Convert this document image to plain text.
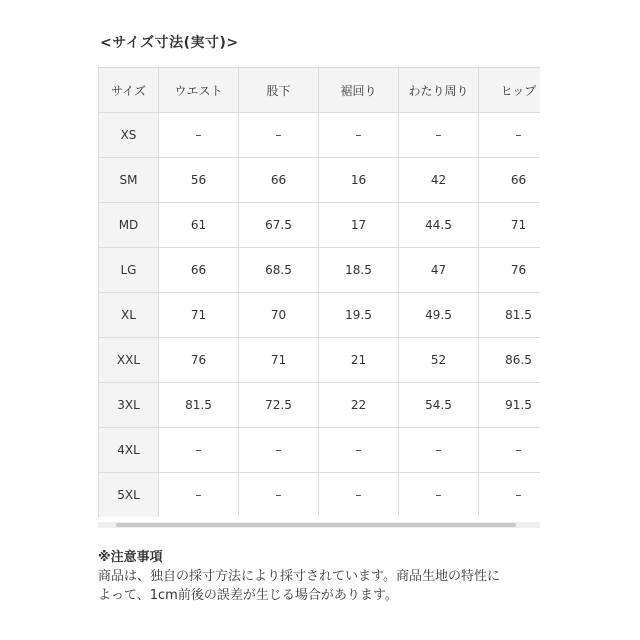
<サイズ寸法(実寸)>
サイズ	ウエスト	股下	裾回り	わたり周り	ヒップ
XS	–	–	–	–	–
SM	56	66	16	42	66
MD	61	67.5	17	44.5	71
LG	66	68.5	18.5	47	76
XL	71	70	19.5	49.5	81.5
XXL	76	71	21	52	86.5
3XL	81.5	72.5	22	54.5	91.5
4XL	–	–	–	–	–
5XL	–	–	–	–	–
※注意事項
商品は、独自の採寸方法により採寸されています。商品生地の特性に
よって、1cm前後の誤差が生じる場合があります。
